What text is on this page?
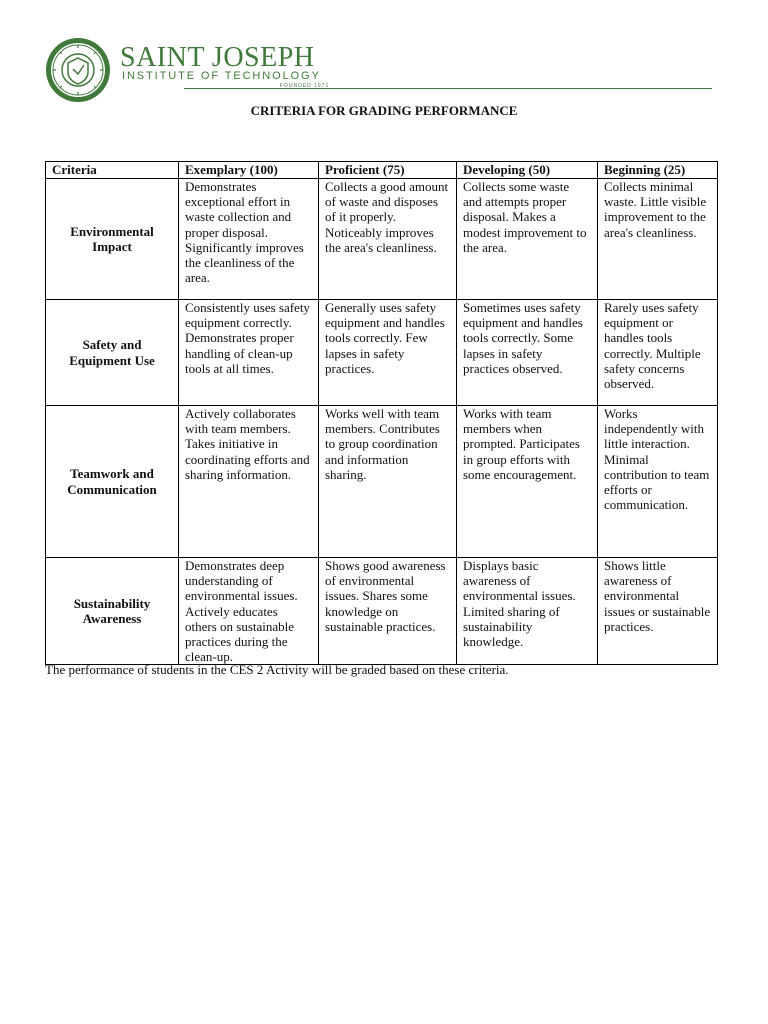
SAINT JOSEPH
INSTITUTE OF TECHNOLOGY
FOUNDED 1971
CRITERIA FOR GRADING PERFORMANCE
Criteria	Exemplary (100)	Proficient (75)	Developing (50)	Beginning (25)
Environmental Impact	Demonstrates exceptional effort in waste collection and proper disposal. Significantly improves the cleanliness of the area.	Collects a good amount of waste and disposes of it properly. Noticeably improves the area's cleanliness.	Collects some waste and attempts proper disposal. Makes a modest improvement to the area.	Collects minimal waste. Little visible improvement to the area's cleanliness.
Safety and Equipment Use	Consistently uses safety equipment correctly. Demonstrates proper handling of clean-up tools at all times.	Generally uses safety equipment and handles tools correctly. Few lapses in safety practices.	Sometimes uses safety equipment and handles tools correctly. Some lapses in safety practices observed.	Rarely uses safety equipment or handles tools correctly. Multiple safety concerns observed.
Teamwork and Communication	Actively collaborates with team members. Takes initiative in coordinating efforts and sharing information.	Works well with team members. Contributes to group coordination and information sharing.	Works with team members when prompted. Participates in group efforts with some encouragement.	Works independently with little interaction. Minimal contribution to team efforts or communication.
Sustainability Awareness	Demonstrates deep understanding of environmental issues. Actively educates others on sustainable practices during the clean-up.	Shows good awareness of environmental issues. Shares some knowledge on sustainable practices.	Displays basic awareness of environmental issues. Limited sharing of sustainability knowledge.	Shows little awareness of environmental issues or sustainable practices.
The performance of students in the CES 2 Activity will be graded based on these criteria.
